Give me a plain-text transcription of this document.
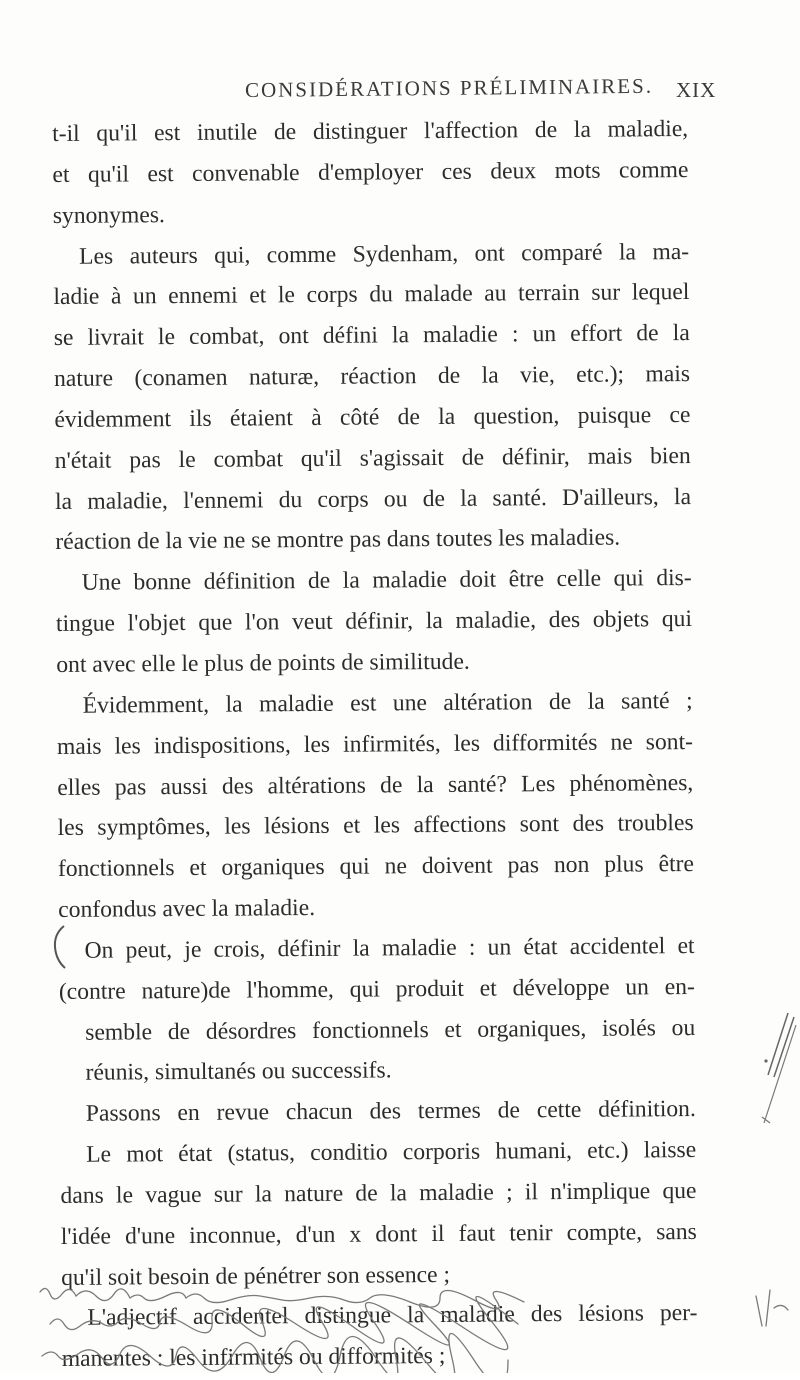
CONSIDÉRATIONS PRÉLIMINAIRES. XIX
t-il qu'il est inutile de distinguer l'affection de la maladie,
et qu'il est convenable d'employer ces deux mots comme
synonymes.
Les auteurs qui, comme Sydenham, ont comparé la ma-
ladie à un ennemi et le corps du malade au terrain sur lequel
se livrait le combat, ont défini la maladie : un effort de la
nature (conamen naturæ, réaction de la vie, etc.); mais
évidemment ils étaient à côté de la question, puisque ce
n'était pas le combat qu'il s'agissait de définir, mais bien
la maladie, l'ennemi du corps ou de la santé. D'ailleurs, la
réaction de la vie ne se montre pas dans toutes les maladies.
Une bonne définition de la maladie doit être celle qui dis-
tingue l'objet que l'on veut définir, la maladie, des objets qui
ont avec elle le plus de points de similitude.
Évidemment, la maladie est une altération de la santé ;
mais les indispositions, les infirmités, les difformités ne sont-
elles pas aussi des altérations de la santé? Les phénomènes,
les symptômes, les lésions et les affections sont des troubles
fonctionnels et organiques qui ne doivent pas non plus être
confondus avec la maladie.
On peut, je crois, définir la maladie : un état accidentel et
(contre nature)de l'homme, qui produit et développe un en-
semble de désordres fonctionnels et organiques, isolés ou
réunis, simultanés ou successifs.
Passons en revue chacun des termes de cette définition.
Le mot état (status, conditio corporis humani, etc.) laisse
dans le vague sur la nature de la maladie ; il n'implique que
l'idée d'une inconnue, d'un x dont il faut tenir compte, sans
qu'il soit besoin de pénétrer son essence ;
L'adjectif accidentel distingue la maladie des lésions per-
manentes : les infirmités ou difformités ;
